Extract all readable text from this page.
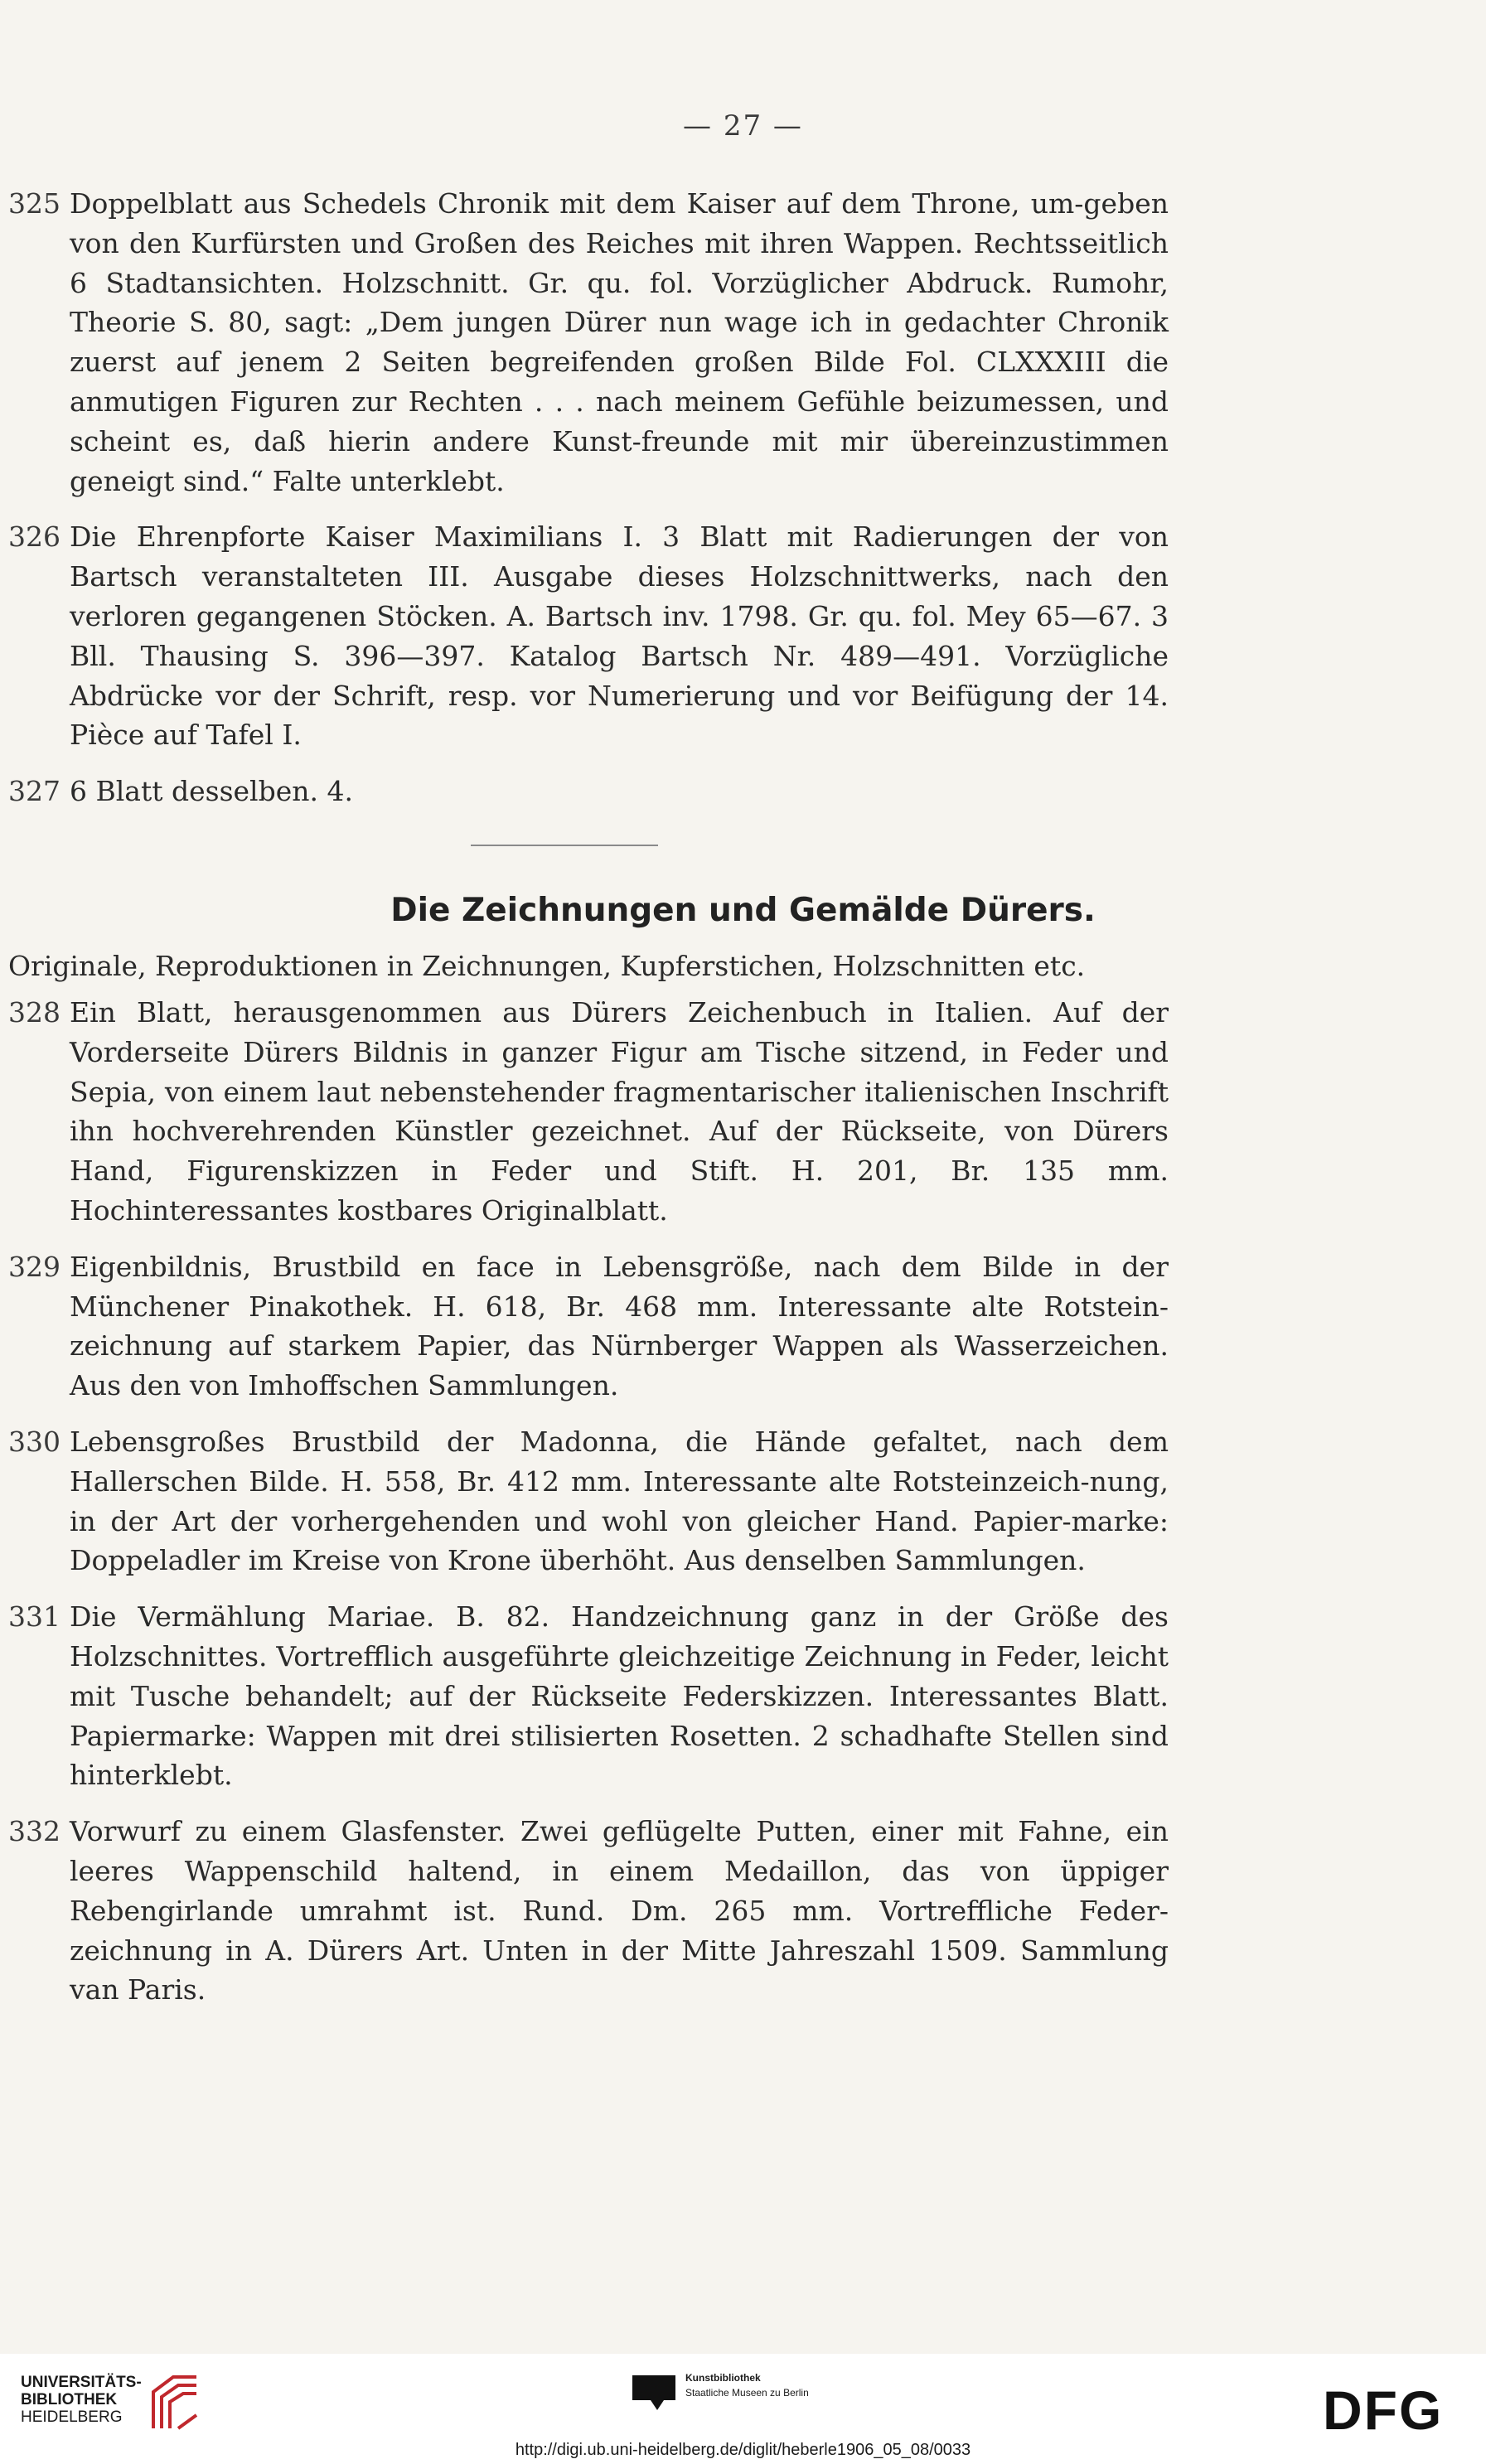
— 27 —
325 Doppelblatt aus Schedels Chronik mit dem Kaiser auf dem Throne, um-geben von den Kurfürsten und Großen des Reiches mit ihren Wappen. Rechtsseitlich 6 Stadtansichten. Holzschnitt. Gr. qu. fol. Vorzüglicher Abdruck. Rumohr, Theorie S. 80, sagt: „Dem jungen Dürer nun wage ich in gedachter Chronik zuerst auf jenem 2 Seiten begreifenden großen Bilde Fol. CLXXXIII die anmutigen Figuren zur Rechten . . . nach meinem Gefühle beizumessen, und scheint es, daß hierin andere Kunst-freunde mit mir übereinzustimmen geneigt sind.“ Falte unterklebt.
326 Die Ehrenpforte Kaiser Maximilians I. 3 Blatt mit Radierungen der von Bartsch veranstalteten III. Ausgabe dieses Holzschnittwerks, nach den verloren gegangenen Stöcken. A. Bartsch inv. 1798. Gr. qu. fol. Mey 65—67. 3 Bll. Thausing S. 396—397. Katalog Bartsch Nr. 489—491. Vorzügliche Abdrücke vor der Schrift, resp. vor Numerierung und vor Beifügung der 14. Pièce auf Tafel I.
327 6 Blatt desselben. 4.
Die Zeichnungen und Gemälde Dürers.
Originale, Reproduktionen in Zeichnungen, Kupferstichen, Holzschnitten etc.
328 Ein Blatt, herausgenommen aus Dürers Zeichenbuch in Italien. Auf der Vorderseite Dürers Bildnis in ganzer Figur am Tische sitzend, in Feder und Sepia, von einem laut nebenstehender fragmentarischer italienischen Inschrift ihn hochverehrenden Künstler gezeichnet. Auf der Rückseite, von Dürers Hand, Figurenskizzen in Feder und Stift. H. 201, Br. 135 mm. Hochinteressantes kostbares Originalblatt.
329 Eigenbildnis, Brustbild en face in Lebensgröße, nach dem Bilde in der Münchener Pinakothek. H. 618, Br. 468 mm. Interessante alte Rotstein-zeichnung auf starkem Papier, das Nürnberger Wappen als Wasserzeichen. Aus den von Imhoffschen Sammlungen.
330 Lebensgroßes Brustbild der Madonna, die Hände gefaltet, nach dem Hallerschen Bilde. H. 558, Br. 412 mm. Interessante alte Rotsteinzeich-nung, in der Art der vorhergehenden und wohl von gleicher Hand. Papier-marke: Doppeladler im Kreise von Krone überhöht. Aus denselben Sammlungen.
331 Die Vermählung Mariae. B. 82. Handzeichnung ganz in der Größe des Holzschnittes. Vortrefflich ausgeführte gleichzeitige Zeichnung in Feder, leicht mit Tusche behandelt; auf der Rückseite Federskizzen. Interessantes Blatt. Papiermarke: Wappen mit drei stilisierten Rosetten. 2 schadhafte Stellen sind hinterklebt.
332 Vorwurf zu einem Glasfenster. Zwei geflügelte Putten, einer mit Fahne, ein leeres Wappenschild haltend, in einem Medaillon, das von üppiger Rebengirlande umrahmt ist. Rund. Dm. 265 mm. Vortreffliche Feder-zeichnung in A. Dürers Art. Unten in der Mitte Jahreszahl 1509. Sammlung van Paris.
UNIVERSITÄTS-
BIBLIOTHEK
HEIDELBERG
Kunstbibliothek
Staatliche Museen zu Berlin	DFG
http://digi.ub.uni-heidelberg.de/diglit/heberle1906_05_08/0033
